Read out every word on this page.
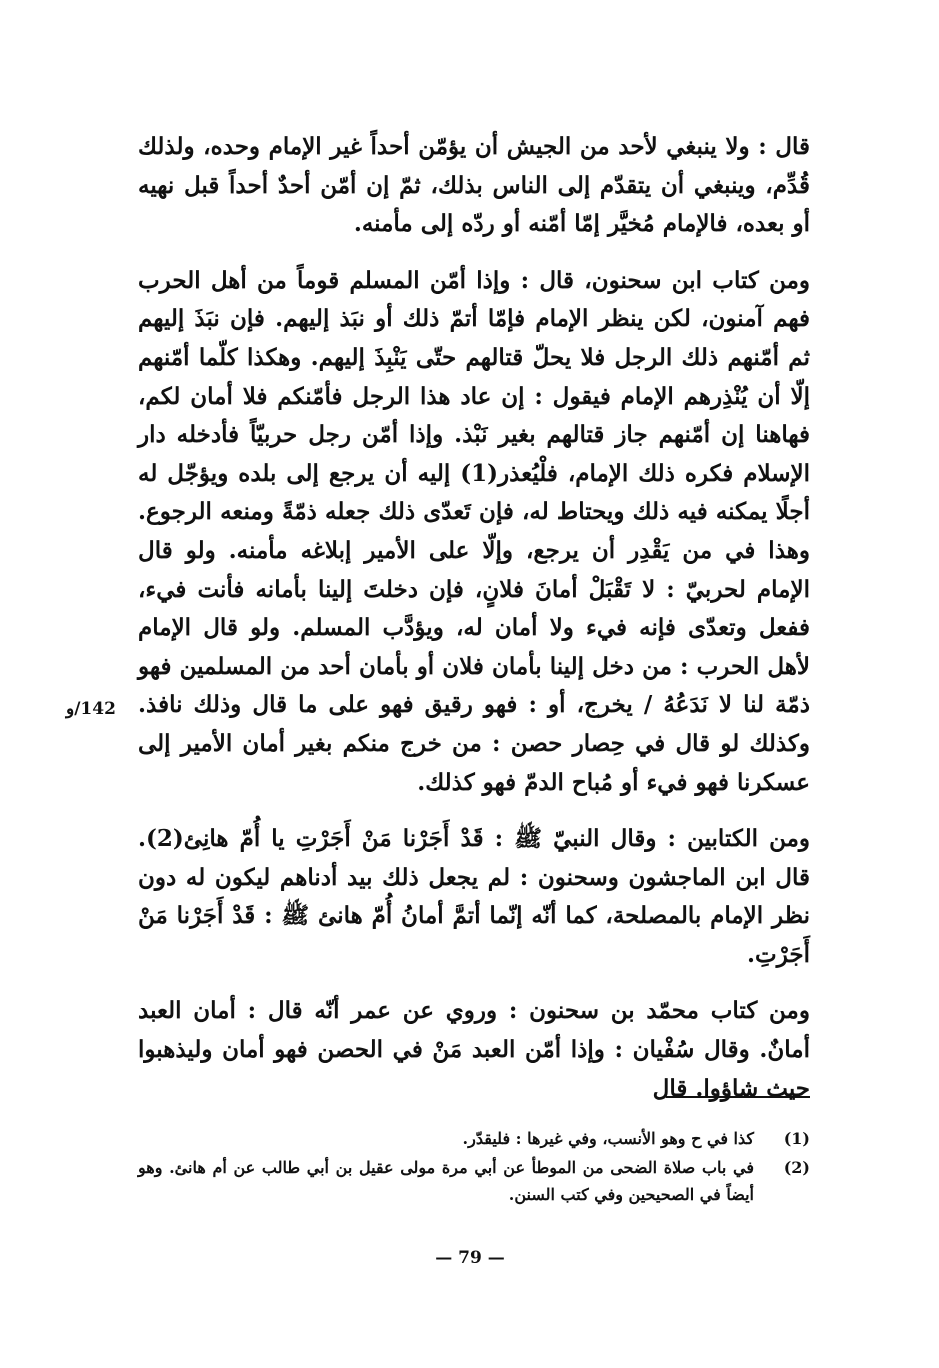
قال : ولا ينبغي لأحد من الجيش أن يؤمّن أحداً غير الإمام وحده، ولذلك قُدِّم، وينبغي أن يتقدّم إلى الناس بذلك، ثمّ إن أمّن أحدٌ أحداً قبل نهيه أو بعده، فالإمام مُخيَّر إمّا أمّنه أو ردّه إلى مأمنه.

ومن كتاب ابن سحنون، قال : وإذا أمّن المسلم قوماً من أهل الحرب فهم آمنون، لكن ينظر الإمام فإمّا أتمّ ذلك أو نبَذ إليهم. فإن نبَذَ إليهم ثم أمّنهم ذلك الرجل فلا يحلّ قتالهم حتّى يَنْبِذَ إليهم. وهكذا كلّما أمّنهم إلّا أن يُنْذِرهم الإمام فيقول : إن عاد هذا الرجل فأمّنكم فلا أمان لكم، فهاهنا إن أمّنهم جاز قتالهم بغير نَبْذ. وإذا أمّن رجل حربيّاً فأدخله دار الإسلام فكره ذلك الإمام، فلْيُعذر(1) إليه أن يرجع إلى بلده ويؤجّل له أجلًا يمكنه فيه ذلك ويحتاط له، فإن تَعدّى ذلك جعله ذمّةً ومنعه الرجوع. وهذا في من يَقْدِر أن يرجع، وإلّا على الأمير إبلاغه مأمنه. ولو قال الإمام لحربيّ : لا تَقْبَلْ أمانَ فلانٍ، فإن دخلتَ إلينا بأمانه فأنت فيء، ففعل وتعدّى فإنه فيء ولا أمان له، ويؤدَّب المسلم. ولو قال الإمام لأهل الحرب : من دخل إلينا بأمان فلان أو بأمان أحد من المسلمين فهو ذمّة لنا لا نَدَعُهُ / يخرج، أو : فهو رقيق فهو على ما قال وذلك نافذ. وكذلك لو قال في حِصار حصن : من خرج منكم بغير أمان الأمير إلى عسكرنا فهو فيء أو مُباح الدمّ فهو كذلك.

ومن الكتابين : وقال النبيّ ﷺ : قَدْ أَجَرْنا مَنْ أَجَرْتِ يا أُمّ هانِئ(2). قال ابن الماجشون وسحنون : لم يجعل ذلك بيد أدناهم ليكون له دون نظر الإمام بالمصلحة، كما أنّه إنّما أتمَّ أمانُ أُمّ هانئ ﷺ : قَدْ أَجَرْنا مَنْ أَجَرْتِ.

ومن كتاب محمّد بن سحنون : وروي عن عمر أنّه قال : أمان العبد أمانٌ. وقال سُفْيان : وإذا أمّن العبد مَنْ في الحصن فهو أمان وليذهبوا حيث شاؤوا. قال

142/و
(1)
كذا في ح وهو الأنسب، وفي غيرها : فليقدّر.
(2)
في باب صلاة الضحى من الموطأ عن أبي مرة مولى عقيل بن أبي طالب عن أم هانئ. وهو أيضاً في الصحيحين وفي كتب السنن.
— 79 —
